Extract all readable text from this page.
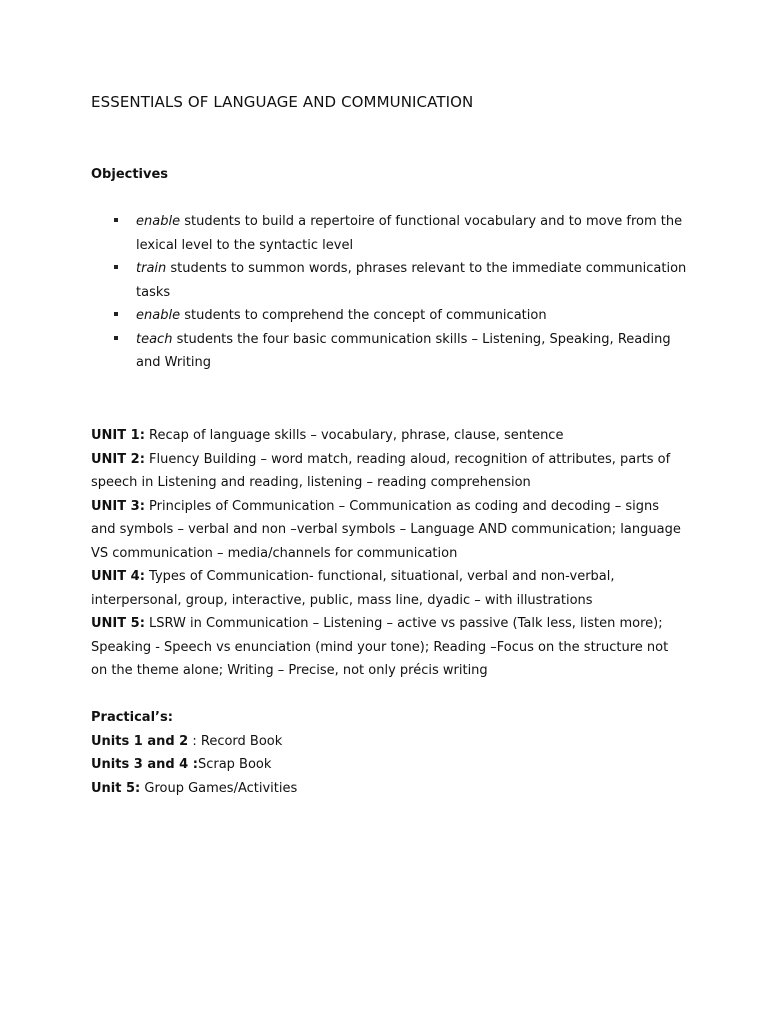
ESSENTIALS OF LANGUAGE AND COMMUNICATION
Objectives
enable students to build a repertoire of functional vocabulary and to move from the lexical level to the syntactic level
train students to summon words, phrases relevant to the immediate communication tasks
enable students to comprehend the concept of communication
teach students the four basic communication skills – Listening, Speaking, Reading and Writing

UNIT 1: Recap of language skills – vocabulary, phrase, clause, sentence

UNIT 2: Fluency Building – word match, reading aloud, recognition of attributes, parts of speech in Listening and reading, listening – reading comprehension

UNIT 3: Principles of Communication – Communication as coding and decoding – signs and symbols – verbal and non –verbal symbols – Language AND communication; language VS communication – media/channels for communication

UNIT 4: Types of Communication- functional, situational, verbal and non-verbal, interpersonal, group, interactive, public, mass line, dyadic – with illustrations

UNIT 5: LSRW in Communication – Listening – active vs passive (Talk less, listen more); Speaking - Speech vs enunciation (mind your tone); Reading –Focus on the structure not on the theme alone; Writing – Precise, not only précis writing

Practical’s:

Units 1 and 2 : Record Book

Units 3 and 4 :Scrap Book

Unit 5: Group Games/Activities
